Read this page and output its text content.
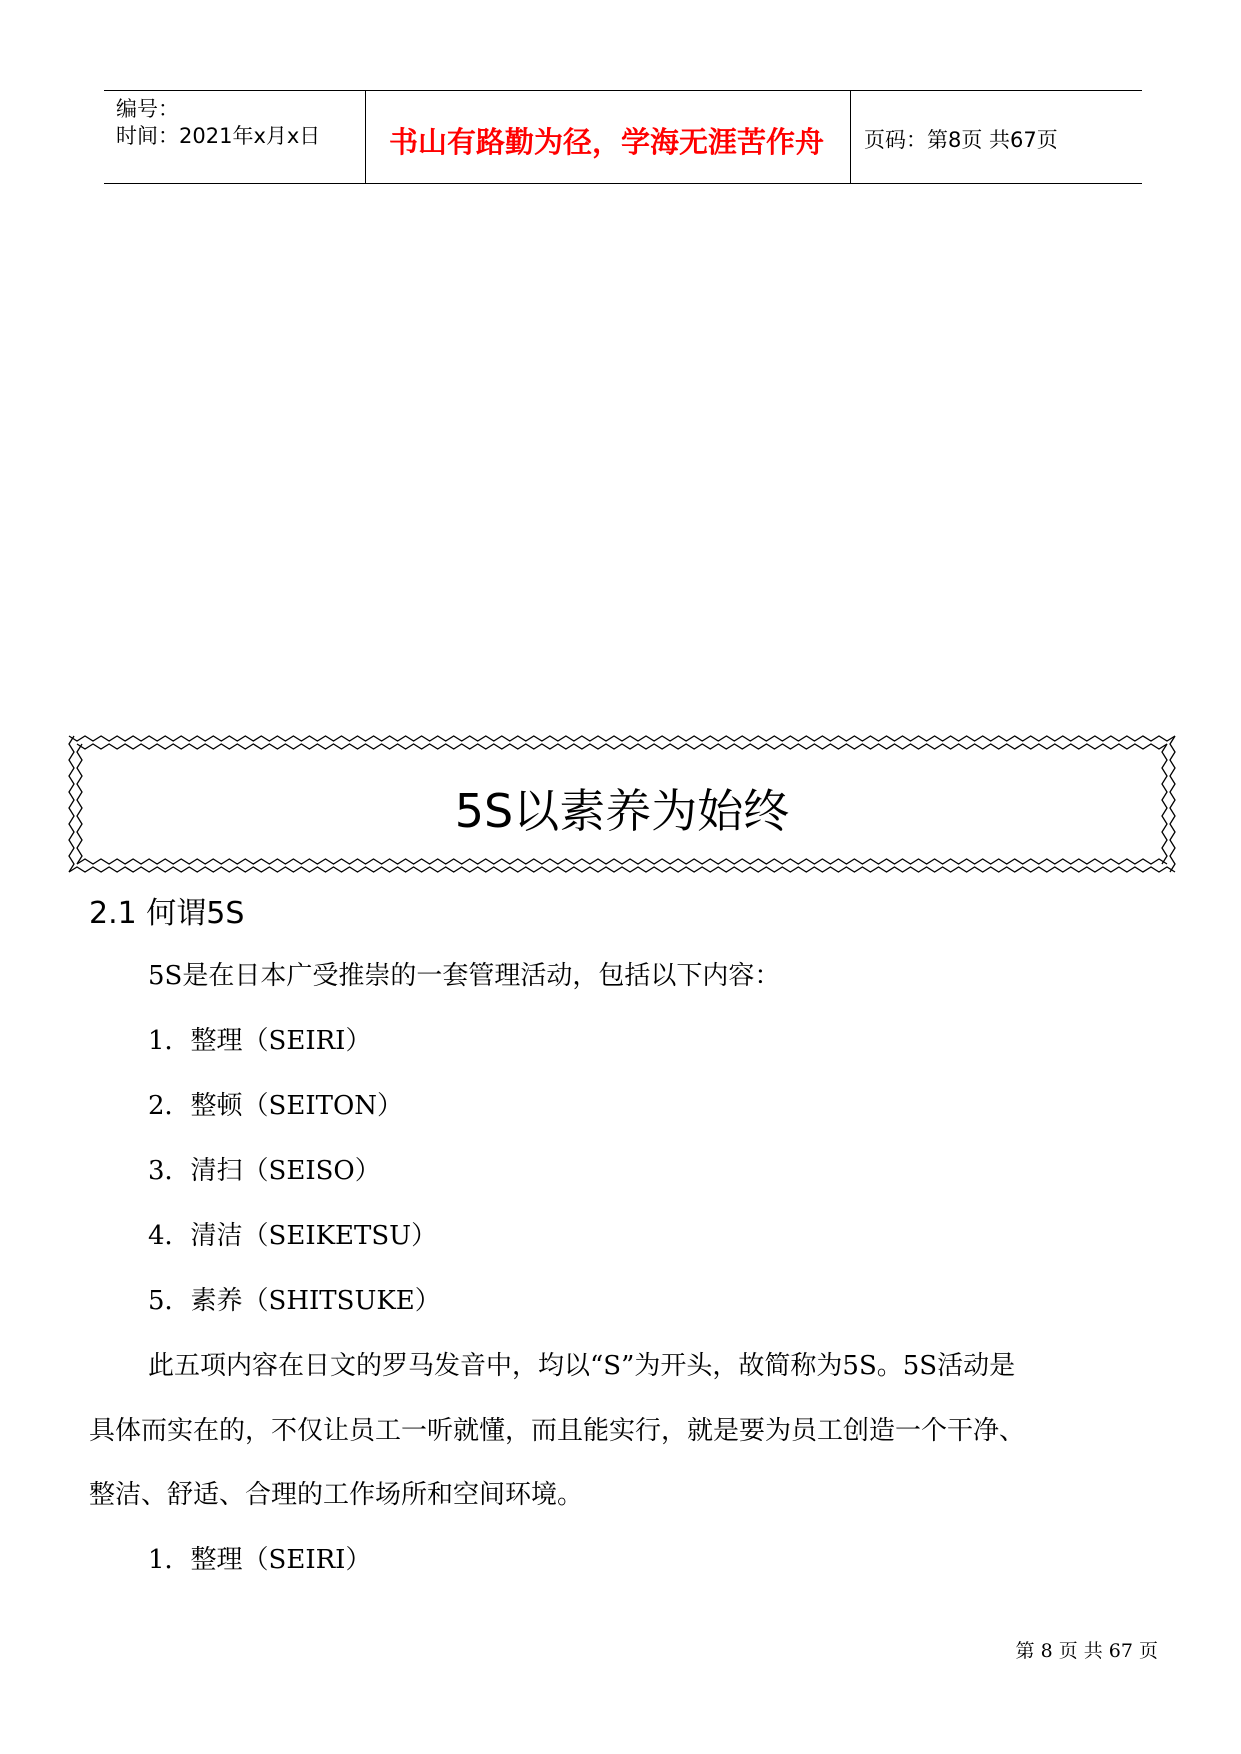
编号：
时间：2021年x月x日 书山有路勤为径，学海无涯苦作舟 页码：第8页 共67页
5S以素养为始终
2.1 何谓5S
5S是在日本广受推崇的一套管理活动，包括以下内容：
1．整理（SEIRI）
2．整顿（SEITON）
3．清扫（SEISO）
4．清洁（SEIKETSU）
5．素养（SHITSUKE）
此五项内容在日文的罗马发音中，均以“S”为开头，故简称为5S。5S活动是
具体而实在的，不仅让员工一听就懂，而且能实行，就是要为员工创造一个干净、
整洁、舒适、合理的工作场所和空间环境。
1．整理（SEIRI）
第 8 页 共 67 页
